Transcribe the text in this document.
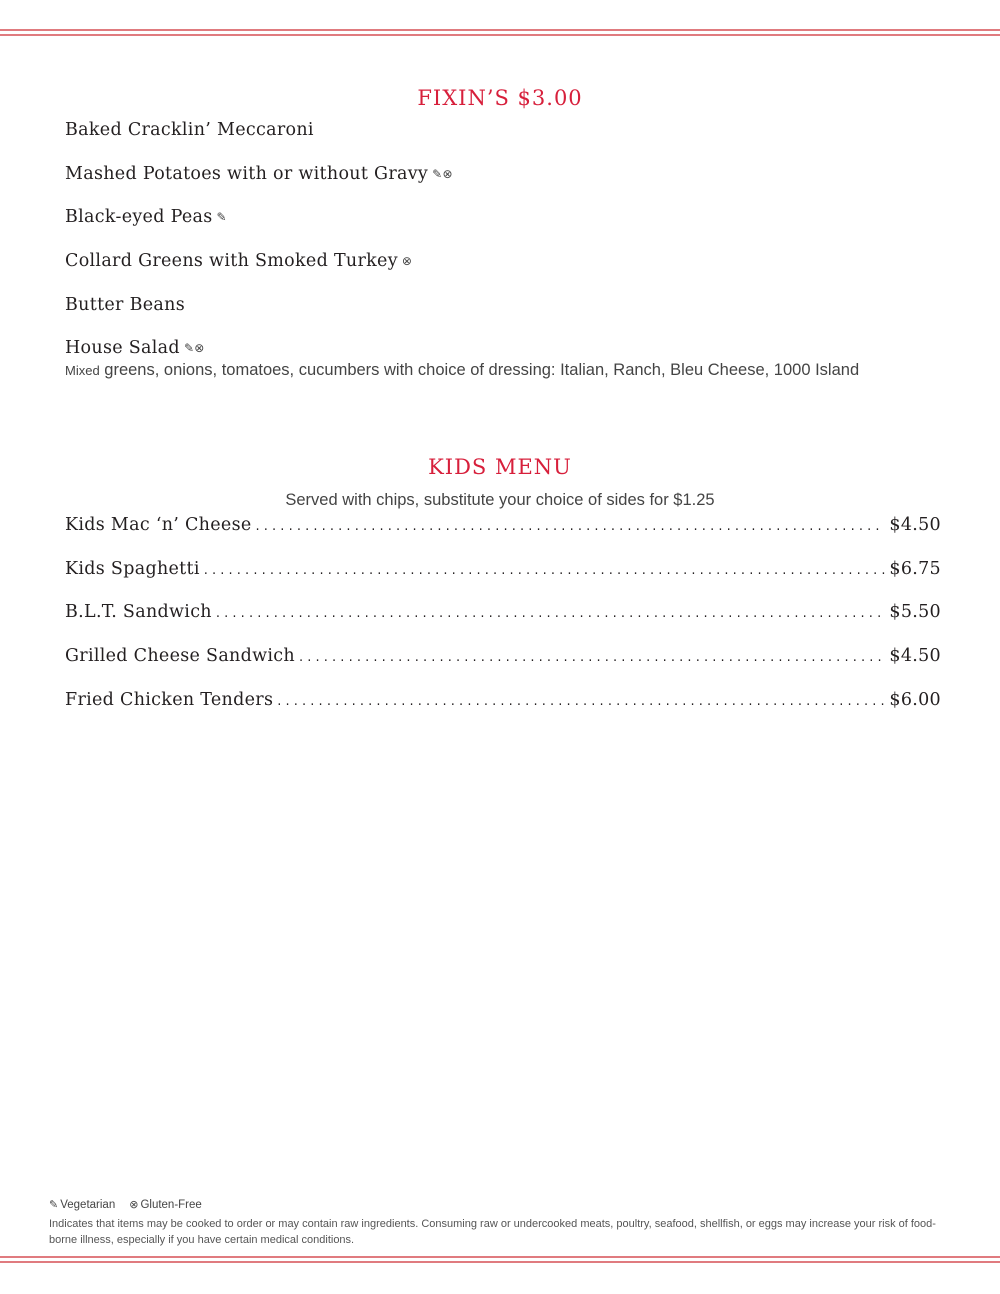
FIXIN’S $3.00
Baked Cracklin’ Meccaroni
Mashed Potatoes with or without Gravy ✎⊗
Black-eyed Peas ✎
Collard Greens with Smoked Turkey ⊗
Butter Beans
House Salad ✎⊗
Mixed greens, onions, tomatoes, cucumbers with choice of dressing: Italian, Ranch, Bleu Cheese, 1000 Island
KIDS MENU
Served with chips, substitute your choice of sides for $1.25
Kids Mac ‘n’ Cheese . . .	$4.50
Kids Spaghetti . . .	$6.75
B.L.T. Sandwich . . .	$5.50
Grilled Cheese Sandwich . . .	$4.50
Fried Chicken Tenders . . .	$6.00
✎ Vegetarian ⊗ Gluten-Free
Indicates that items may be cooked to order or may contain raw ingredients. Consuming raw or undercooked meats, poultry, seafood, shellfish, or eggs may increase your risk of food-borne illness, especially if you have certain medical conditions.
